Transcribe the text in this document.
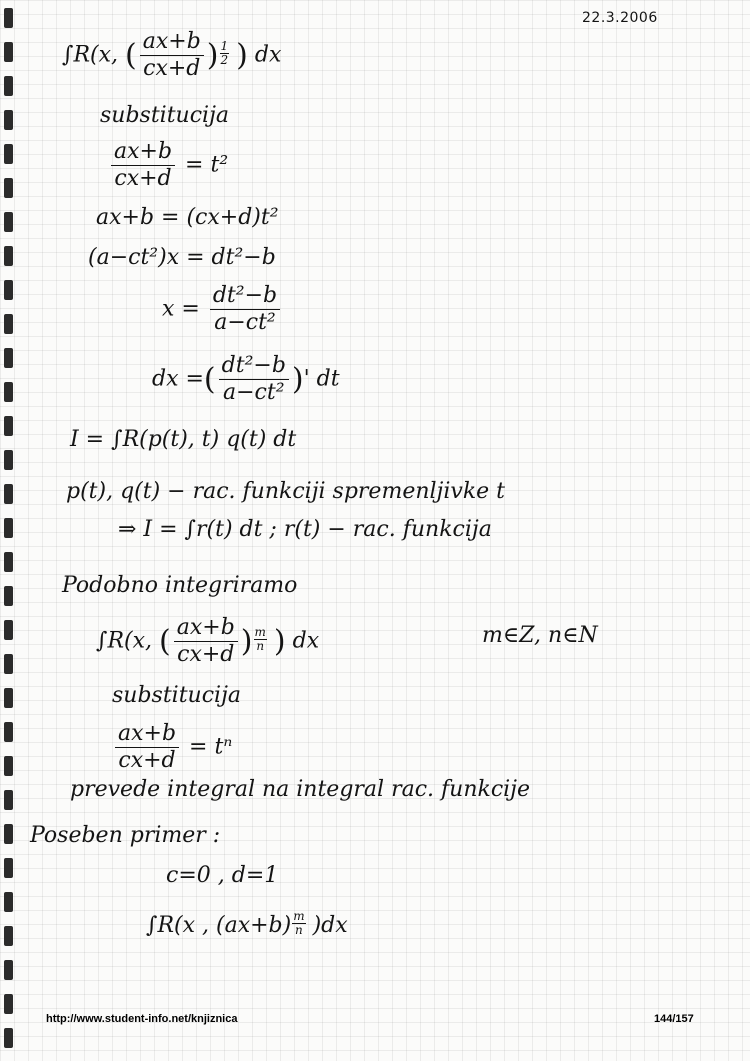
22.3.2006
∫R(x, ( $\frac{ax+b}{cx+d}$ ) $\frac{1}{2}$ ) dx
substitucija
$\frac{ax+b}{cx+d} = t^2$
ax+b = (cx+d)t²
(a−ct²)x = dt²−b
$x = \frac{\text{dt²−b}}{\text{a−ct²}}$
dx =( $\frac{\text{dt²−b}}{\text{a−ct²}}$ )' dt
I = ∫R(p(t), t) q(t) dt
p(t), q(t) − rac. funkciji spremenljivke t
⇒ I = ∫r(t) dt ; r(t) − rac. funkcija
Podobno integriramo
∫R(x, ( $\frac{ax+b}{cx+d}$ ) $\frac{m}{n}$ ) dx	m∈Z, n∈N
substitucija
$\frac{ax+b}{cx+d} = t^n$
prevede integral na integral rac. funkcije
Poseben primer :
c=0 , d=1
∫R(x , $(ax+b) \frac{m}{n} )dx$
http://www.student-info.net/knjiznica	144/157
